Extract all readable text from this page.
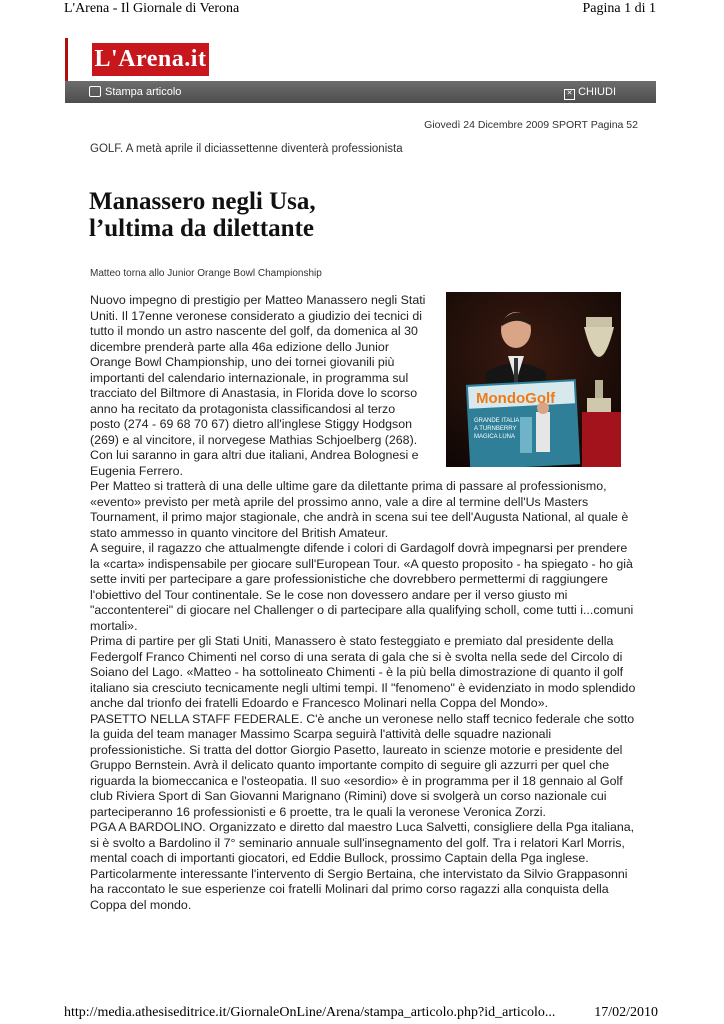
L'Arena - Il Giornale di Verona	Pagina 1 di 1
L'Arena.it
Stampa articolo	✕ CHIUDI
Giovedì 24 Dicembre 2009 SPORT Pagina 52
GOLF. A metà aprile il diciassettenne diventerà professionista
Manassero negli Usa,
l’ultima da dilettante
Matteo torna allo Junior Orange Bowl Championship
MondoGolf
GRANDE ITALIA
A TURNBERRY
MAGICA LUNA

Nuovo impegno di prestigio per Matteo Manassero negli Stati Uniti. Il 17enne veronese considerato a giudizio dei tecnici di tutto il mondo un astro nascente del golf, da domenica al 30 dicembre prenderà parte alla 46a edizione dello Junior Orange Bowl Championship, uno dei tornei giovanili più importanti del calendario internazionale, in programma sul tracciato del Biltmore di Anastasia, in Florida dove lo scorso anno ha recitato da protagonista classificandosi al terzo posto (274 - 69 68 70 67) dietro all'inglese Stiggy Hodgson (269) e al vincitore, il norvegese Mathias Schjoelberg (268).

Con lui saranno in gara altri due italiani, Andrea Bolognesi e Eugenia Ferrero.

Per Matteo si tratterà di una delle ultime gare da dilettante prima di passare al professionismo, «evento» previsto per metà aprile del prossimo anno, vale a dire al termine dell'Us Masters Tournament, il primo major stagionale, che andrà in scena sui tee dell'Augusta National, al quale è stato ammesso in quanto vincitore del British Amateur.

A seguire, il ragazzo che attualmengte difende i colori di Gardagolf dovrà impegnarsi per prendere la «carta» indispensabile per giocare sull'European Tour. «A questo proposito - ha spiegato - ho già sette inviti per partecipare a gare professionistiche che dovrebbero permettermi di raggiungere l'obiettivo del Tour continentale. Se le cose non dovessero andare per il verso giusto mi "accontenterei" di giocare nel Challenger o di partecipare alla qualifying scholl, come tutti i...comuni mortali».

Prima di partire per gli Stati Uniti, Manassero è stato festeggiato e premiato dal presidente della Federgolf Franco Chimenti nel corso di una serata di gala che si è svolta nella sede del Circolo di Soiano del Lago. «Matteo - ha sottolineato Chimenti - è la più bella dimostrazione di quanto il golf italiano sia cresciuto tecnicamente negli ultimi tempi. Il "fenomeno" è evidenziato in modo splendido anche dal trionfo dei fratelli Edoardo e Francesco Molinari nella Coppa del Mondo».

PASETTO NELLA STAFF FEDERALE. C'è anche un veronese nello staff tecnico federale che sotto la guida del team manager Massimo Scarpa seguirà l'attività delle squadre nazionali professionistiche. Si tratta del dottor Giorgio Pasetto, laureato in scienze motorie e presidente del Gruppo Bernstein. Avrà il delicato quanto importante compito di seguire gli azzurri per quel che riguarda la biomeccanica e l'osteopatia. Il suo «esordio» è in programma per il 18 gennaio al Golf club Riviera Sport di San Giovanni Marignano (Rimini) dove si svolgerà un corso nazionale cui parteciperanno 16 professionisti e 6 proette, tra le quali la veronese Veronica Zorzi.

PGA A BARDOLINO. Organizzato e diretto dal maestro Luca Salvetti, consigliere della Pga italiana, si è svolto a Bardolino il 7° seminario annuale sull'insegnamento del golf. Tra i relatori Karl Morris, mental coach di importanti giocatori, ed Eddie Bullock, prossimo Captain della Pga inglese. Particolarmente interessante l'intervento di Sergio Bertaina, che intervistato da Silvio Grappasonni ha raccontato le sue esperienze coi fratelli Molinari dal primo corso ragazzi alla conquista della Coppa del mondo.

http://media.athesiseditrice.it/GiornaleOnLine/Arena/stampa_articolo.php?id_articolo...	17/02/2010
